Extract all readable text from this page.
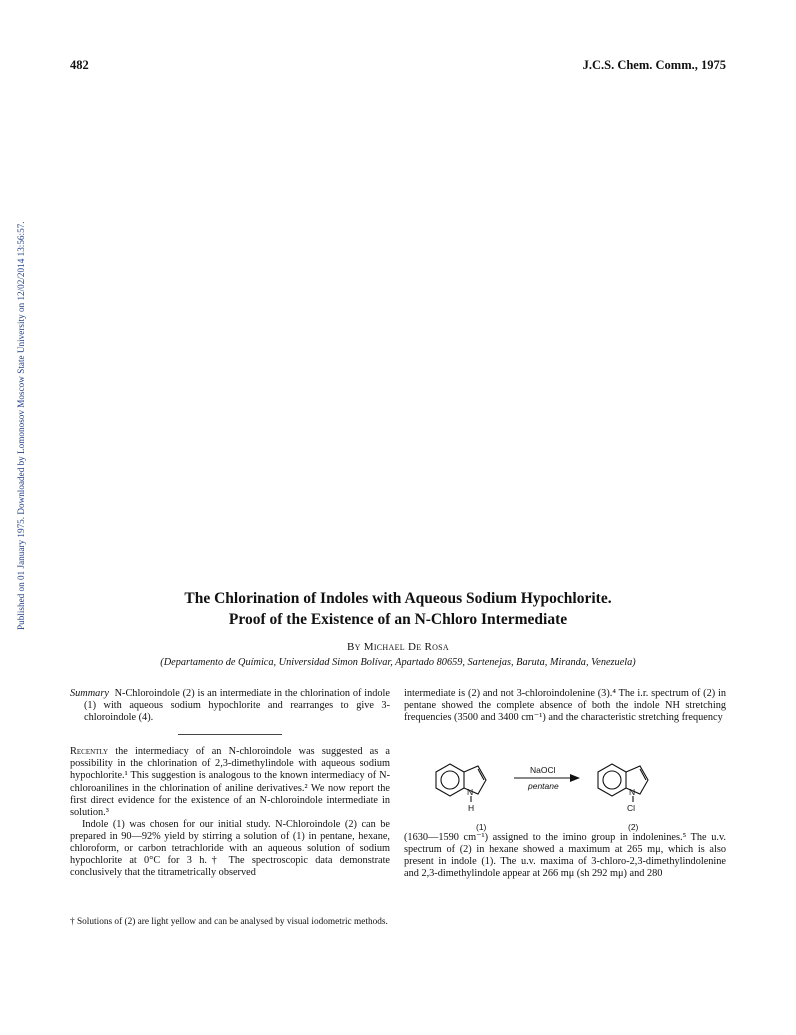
482	J.C.S. Chem. Comm., 1975
Published on 01 January 1975. Downloaded by Lomonosov Moscow State University on 12/02/2014 13:56:57.	The Chlorination of Indoles with Aqueous Sodium Hypochlorite.
Proof of the Existence of an N-Chloro Intermediate
By Michael De Rosa
(Departamento de Química, Universidad Simon Bolívar, Apartado 80659, Sartenejas, Baruta, Miranda, Venezuela)

Summary N-Chloroindole (2) is an intermediate in the chlorination of indole (1) with aqueous sodium hypochlorite and rearranges to give 3-chloroindole (4).

Recently the intermediacy of an N-chloroindole was suggested as a possibility in the chlorination of 2,3-dimethylindole with aqueous sodium hypochlorite.¹ This suggestion is analogous to the known intermediacy of N-chloroanilines in the chlorination of aniline derivatives.² We now report the first direct evidence for the existence of an N-chloroindole intermediate in solution.³

Indole (1) was chosen for our initial study. N-Chloroindole (2) can be prepared in 90—92% yield by stirring a solution of (1) in pentane, hexane, chloroform, or carbon tetrachloride with an aqueous solution of sodium hypochlorite at 0°C for 3 h.† The spectroscopic data demonstrate conclusively that the titrametrically observed

intermediate is (2) and not 3-chloroindolenine (3).⁴ The i.r. spectrum of (2) in pentane showed the complete absence of both the indole NH stretching frequencies (3500 and 3400 cm⁻¹) and the characteristic stretching frequency

N
H
NaOCl
pentane
N
Cl
(1)	(2)

(1630—1590 cm⁻¹) assigned to the imino group in indolenines.⁵ The u.v. spectrum of (2) in hexane showed a maximum at 265 mμ, which is also present in indole (1). The u.v. maxima of 3-chloro-2,3-dimethylindolenine and 2,3-dimethylindole appear at 266 mμ (sh 292 mμ) and 280

† Solutions of (2) are light yellow and can be analysed by visual iodometric methods.
